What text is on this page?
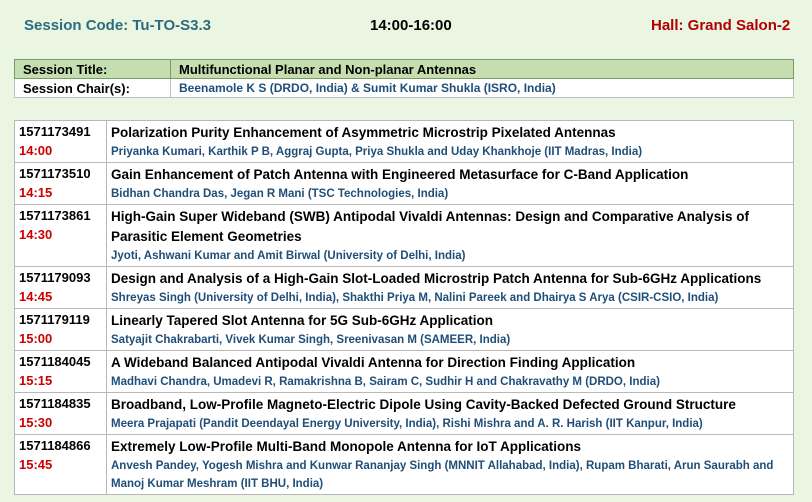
Session Code: Tu-TO-S3.3	14:00-16:00	Hall: Grand Salon-2
Session Title:	Multifunctional Planar and Non-planar Antennas
Session Chair(s):	Beenamole K S (DRDO, India) & Sumit Kumar Shukla (ISRO, India)
1571173491
14:00	Polarization Purity Enhancement of Asymmetric Microstrip Pixelated Antennas
Priyanka Kumari, Karthik P B, Aggraj Gupta, Priya Shukla and Uday Khankhoje (IIT Madras, India)

1571173510
14:15	Gain Enhancement of Patch Antenna with Engineered Metasurface for C-Band Application
Bidhan Chandra Das, Jegan R Mani (TSC Technologies, India)

1571173861
14:30	High-Gain Super Wideband (SWB) Antipodal Vivaldi Antennas: Design and Comparative Analysis of Parasitic Element Geometries
Jyoti, Ashwani Kumar and Amit Birwal (University of Delhi, India)

1571179093
14:45	Design and Analysis of a High-Gain Slot-Loaded Microstrip Patch Antenna for Sub-6GHz Applications
Shreyas Singh (University of Delhi, India), Shakthi Priya M, Nalini Pareek and Dhairya S Arya (CSIR-CSIO, India)

1571179119
15:00	Linearly Tapered Slot Antenna for 5G Sub-6GHz Application
Satyajit Chakrabarti, Vivek Kumar Singh, Sreenivasan M (SAMEER, India)

1571184045
15:15	A Wideband Balanced Antipodal Vivaldi Antenna for Direction Finding Application
Madhavi Chandra, Umadevi R, Ramakrishna B, Sairam C, Sudhir H and Chakravathy M (DRDO, India)

1571184835
15:30	Broadband, Low-Profile Magneto-Electric Dipole Using Cavity-Backed Defected Ground Structure
Meera Prajapati (Pandit Deendayal Energy University, India), Rishi Mishra and A. R. Harish (IIT Kanpur, India)

1571184866
15:45	Extremely Low-Profile Multi-Band Monopole Antenna for IoT Applications
Anvesh Pandey, Yogesh Mishra and Kunwar Rananjay Singh (MNNIT Allahabad, India), Rupam Bharati, Arun Saurabh and Manoj Kumar Meshram (IIT BHU, India)
